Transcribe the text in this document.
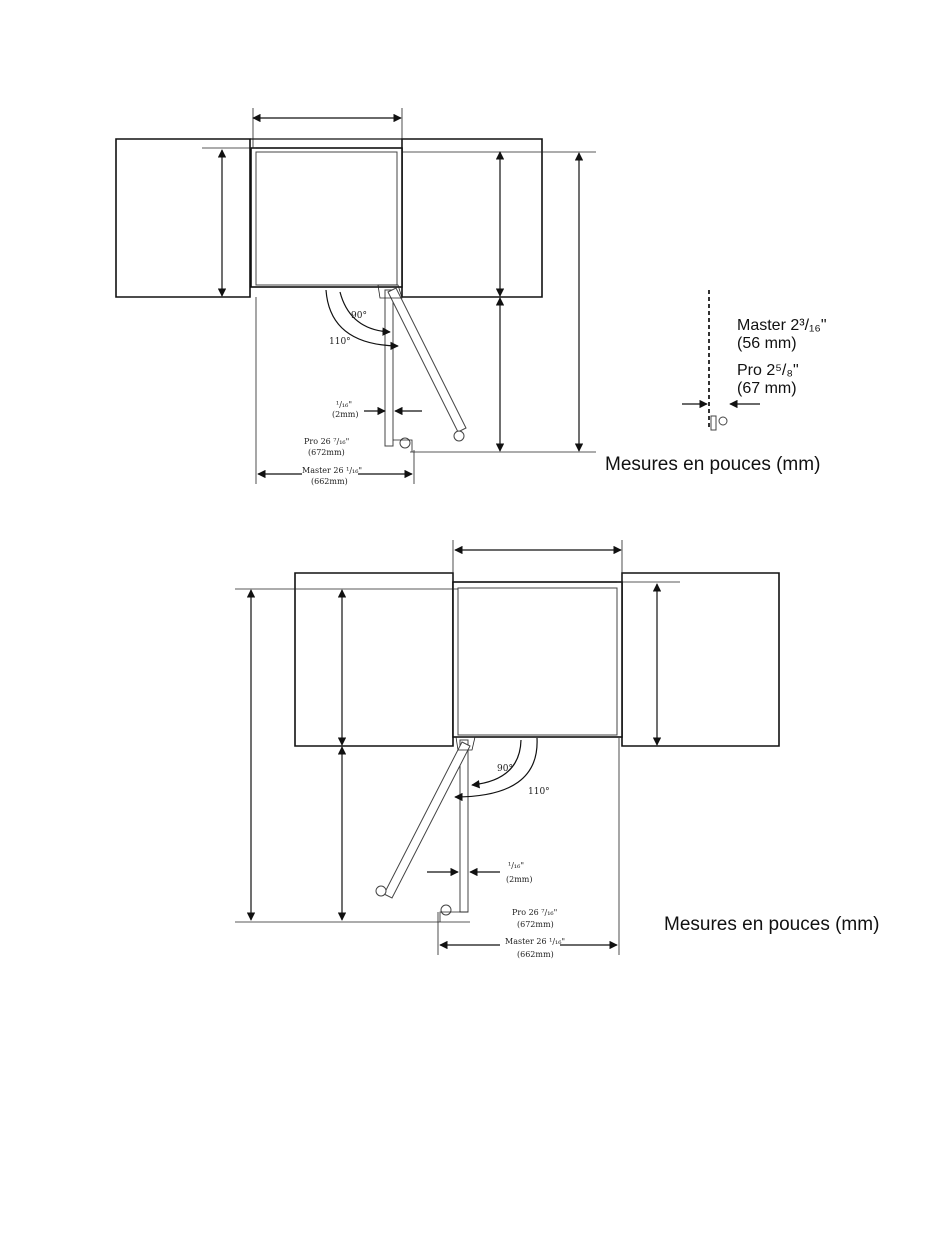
90°
110°
¹/₁₆"
(2mm)
Pro 26 ⁷/₁₆"
(672mm)
Master 26 ¹/₁₆"
(662mm)
Mesures en pouces (mm)
Master 2³/₁₆"
(56 mm)
Pro 2⁵/₈"
(67 mm)
90°
110°
¹/₁₆"
(2mm)
Pro 26 ⁷/₁₆"
(672mm)
Master 26 ¹/₁₆"
(662mm)
Mesures en pouces (mm)
